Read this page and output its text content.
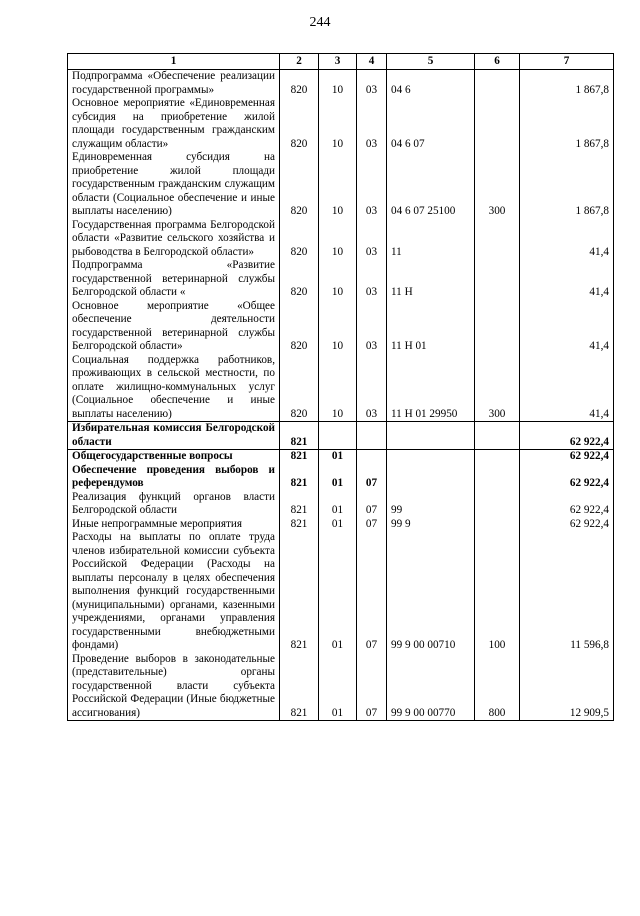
244
1	2	3	4	5	6	7
Подпрограмма «Обеспечение реализации государственной программы»	820	10	03	04 6		1 867,8
Основное мероприятие «Единовременная субсидия на приобретение жилой площади государственным гражданским служащим области»	820	10	03	04 6 07		1 867,8
Единовременная субсидия на приобретение жилой площади государственным гражданским служащим области (Социальное обеспечение и иные выплаты населению)	820	10	03	04 6 07 25100	300	1 867,8
Государственная программа Белгородской области «Развитие сельского хозяйства и рыбоводства в Белгородской области»	820	10	03	11		41,4
Подпрограмма «Развитие государственной ветеринарной службы Белгородской области «	820	10	03	11 Н		41,4
Основное мероприятие «Общее обеспечение деятельности государственной ветеринарной службы Белгородской области»	820	10	03	11 Н 01		41,4
Социальная поддержка работников, проживающих в сельской местности, по оплате жилищно-коммунальных услуг (Социальное обеспечение и иные выплаты населению)	820	10	03	11 Н 01 29950	300	41,4
Избирательная комиссия Белгородской области	821					62 922,4
Общегосударственные вопросы	821	01				62 922,4
Обеспечение проведения выборов и референдумов	821	01	07			62 922,4
Реализация функций органов власти Белгородской области	821	01	07	99		62 922,4
Иные непрограммные мероприятия	821	01	07	99 9		62 922,4
Расходы на выплаты по оплате труда членов избирательной комиссии субъекта Российской Федерации (Расходы на выплаты персоналу в целях обеспечения выполнения функций государственными (муниципальными) органами, казенными учреждениями, органами управления государственными внебюджетными фондами)	821	01	07	99 9 00 00710	100	11 596,8
Проведение выборов в законодательные (представительные) органы государственной власти субъекта Российской Федерации (Иные бюджетные ассигнования)	821	01	07	99 9 00 00770	800	12 909,5
